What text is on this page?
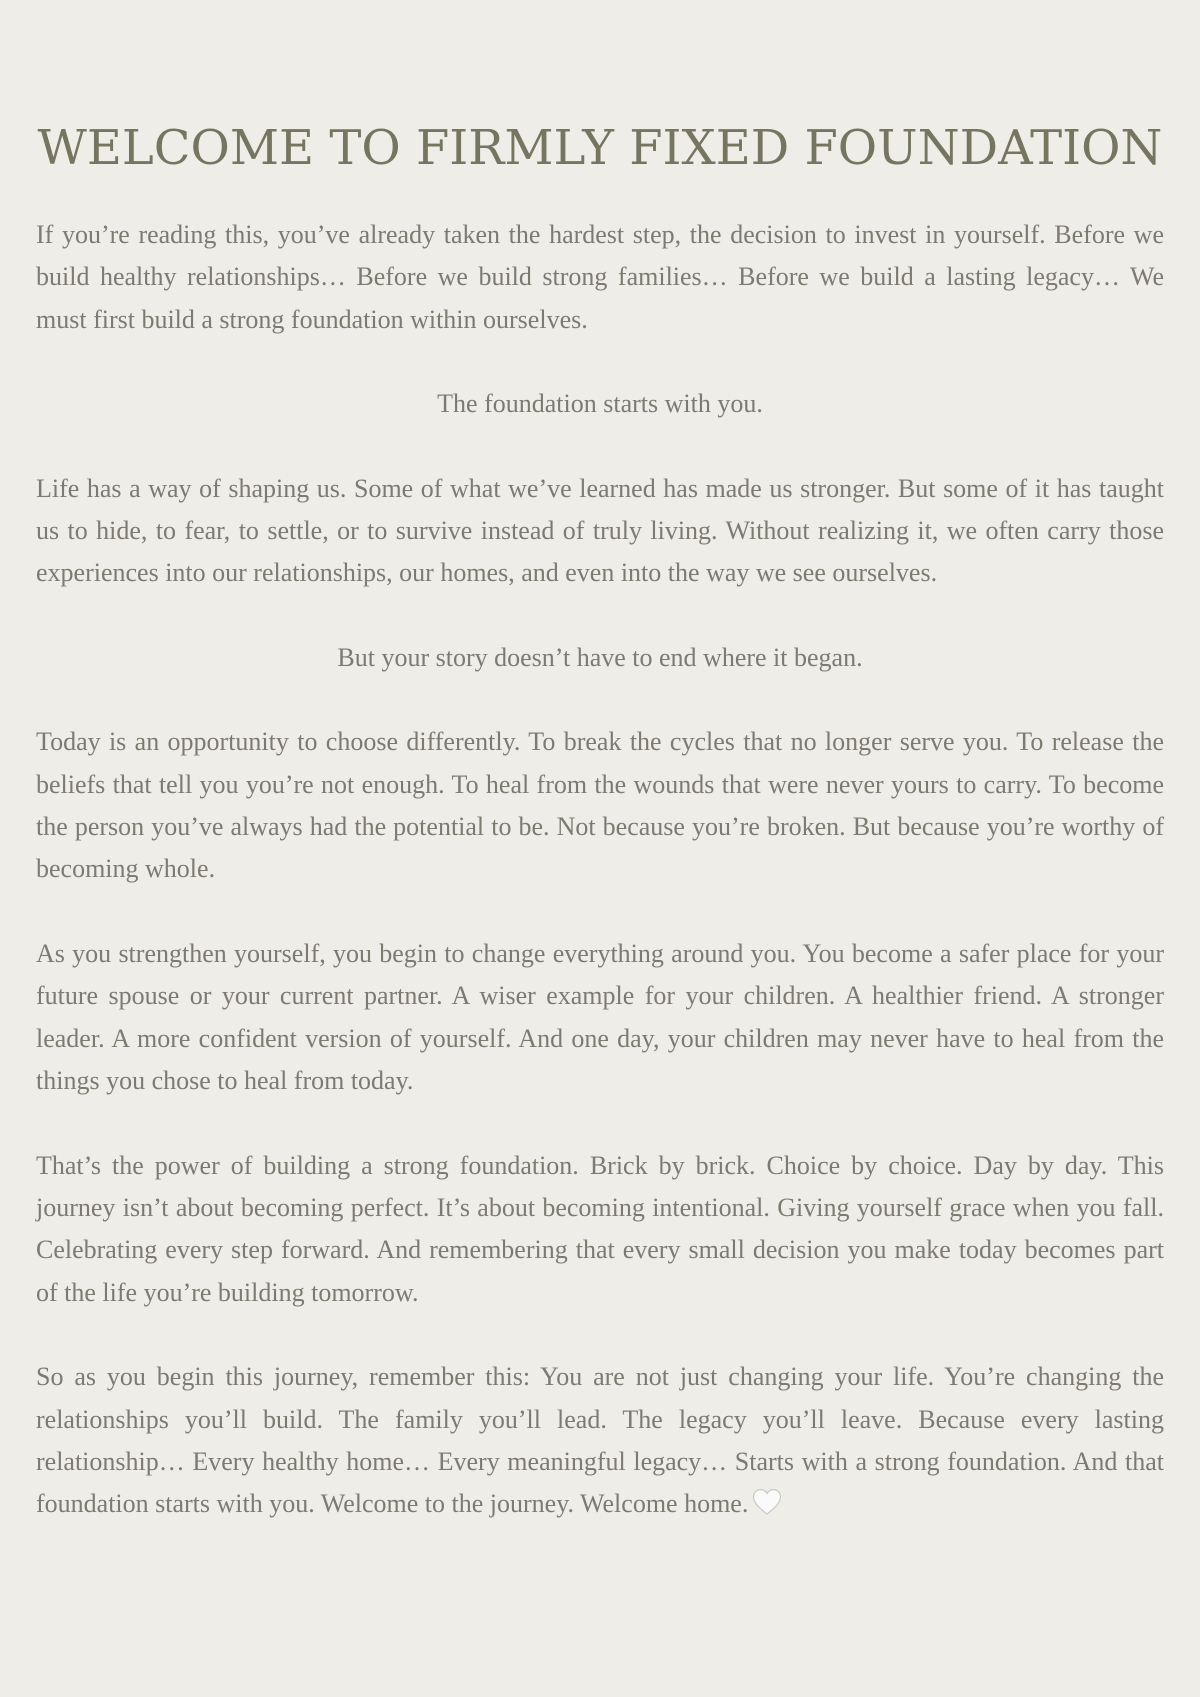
WELCOME TO FIRMLY FIXED FOUNDATION

If you’re reading this, you’ve already taken the hardest step, the decision to invest in yourself. Before we build healthy relationships… Before we build strong families… Before we build a lasting legacy… We must first build a strong foundation within ourselves.

The foundation starts with you.

Life has a way of shaping us. Some of what we’ve learned has made us stronger. But some of it has taught us to hide, to fear, to settle, or to survive instead of truly living. Without realizing it, we often carry those experiences into our relationships, our homes, and even into the way we see ourselves.

But your story doesn’t have to end where it began.

Today is an opportunity to choose differently. To break the cycles that no longer serve you. To release the beliefs that tell you you’re not enough. To heal from the wounds that were never yours to carry. To become the person you’ve always had the potential to be. Not because you’re broken. But because you’re worthy of becoming whole.

As you strengthen yourself, you begin to change everything around you. You become a safer place for your future spouse or your current partner. A wiser example for your children. A healthier friend. A stronger leader. A more confident version of yourself. And one day, your children may never have to heal from the things you chose to heal from today.

That’s the power of building a strong foundation. Brick by brick. Choice by choice. Day by day. This journey isn’t about becoming perfect. It’s about becoming intentional. Giving yourself grace when you fall. Celebrating every step forward. And remembering that every small decision you make today becomes part of the life you’re building tomorrow.

So as you begin this journey, remember this: You are not just changing your life. You’re changing the relationships you’ll build. The family you’ll lead. The legacy you’ll leave. Because every lasting relationship… Every healthy home… Every meaningful legacy… Starts with a strong foundation. And that foundation starts with you. Welcome to the journey. Welcome home.
